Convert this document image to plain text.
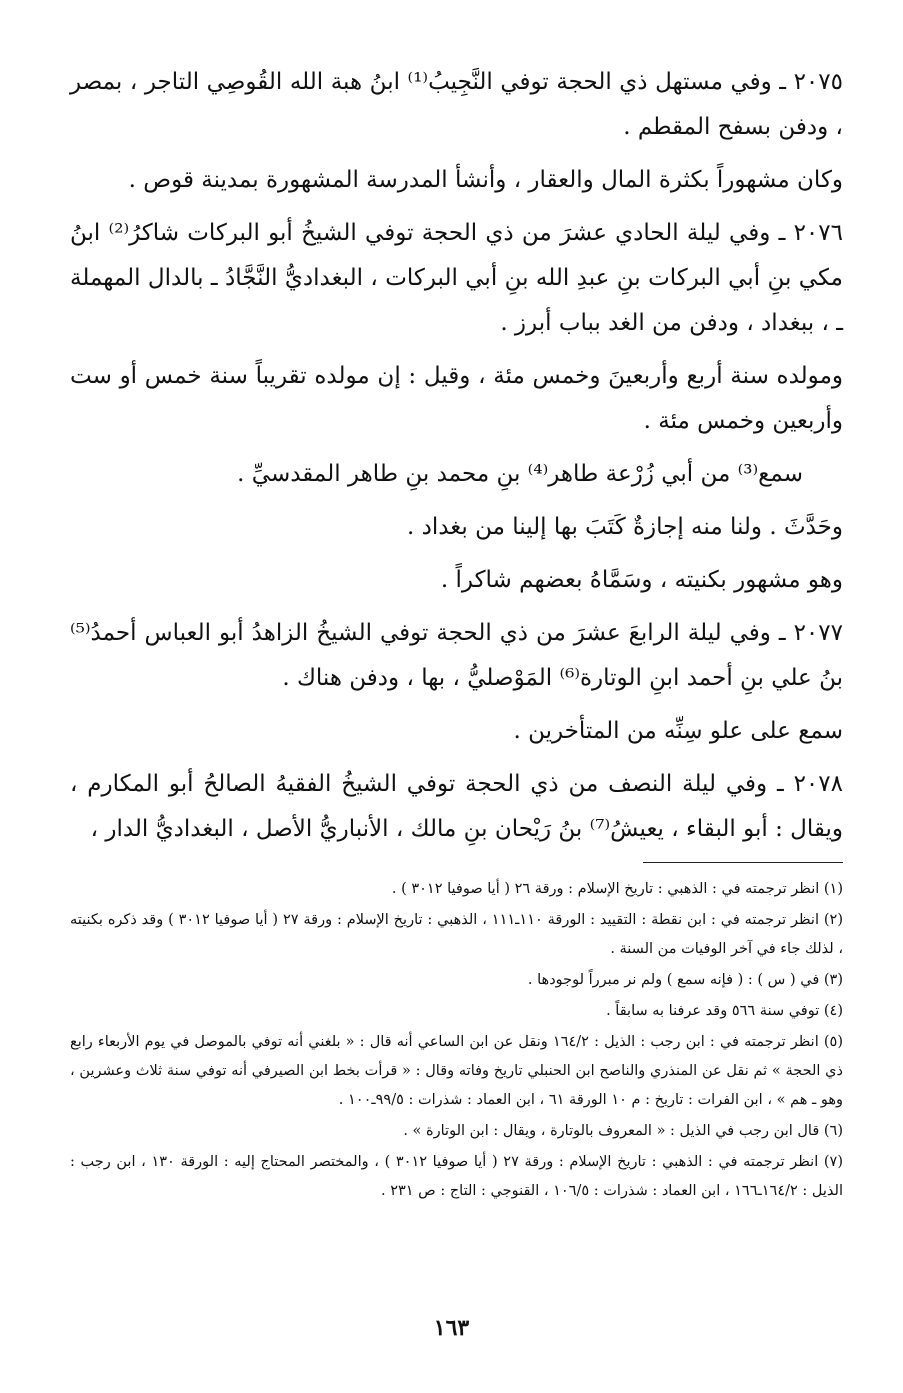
٢٠٧٥ ـ وفي مستهل ذي الحجة توفي النَّجِيبُ⁽¹⁾ ابنُ هبة الله القُوصِي التاجر ، بمصر ، ودفن بسفح المقطم .

وكان مشهوراً بكثرة المال والعقار ، وأنشأ المدرسة المشهورة بمدينة قوص .

٢٠٧٦ ـ وفي ليلة الحادي عشرَ من ذي الحجة توفي الشيخُ أبو البركات شاكرُ⁽²⁾ ابنُ مكي بنِ أبي البركات بنِ عبدِ الله بنِ أبي البركات ، البغداديُّ النَّجَّادُ ـ بالدال المهملة ـ ، ببغداد ، ودفن من الغد بباب أبرز .

ومولده سنة أربع وأربعينَ وخمس مئة ، وقيل : إن مولده تقريباً سنة خمس أو ست وأربعين وخمس مئة .

سمع⁽³⁾ من أبي زُرْعة طاهر⁽⁴⁾ بنِ محمد بنِ طاهر المقدسيِّ .

وحَدَّثَ . ولنا منه إجازةٌ كَتَبَ بها إلينا من بغداد .

وهو مشهور بكنيته ، وسَمَّاهُ بعضهم شاكراً .

٢٠٧٧ ـ وفي ليلة الرابعَ عشرَ من ذي الحجة توفي الشيخُ الزاهدُ أبو العباس أحمدُ⁽⁵⁾ بنُ علي بنِ أحمد ابنِ الوتارة⁽⁶⁾ المَوْصليُّ ، بها ، ودفن هناك .

سمع على علو سِنِّه من المتأخرين .

٢٠٧٨ ـ وفي ليلة النصف من ذي الحجة توفي الشيخُ الفقيهُ الصالحُ أبو المكارم ، ويقال : أبو البقاء ، يعيشُ⁽⁷⁾ بنُ رَيْحان بنِ مالك ، الأنباريُّ الأصل ، البغداديُّ الدار ،

(١) انظر ترجمته في : الذهبي : تاريخ الإسلام : ورقة ٢٦ ( أيا صوفيا ٣٠١٢ ) .

(٢) انظر ترجمته في : ابن نقطة : التقييد : الورقة ١١٠ـ١١١ ، الذهبي : تاريخ الإسلام : ورقة ٢٧ ( أيا صوفيا ٣٠١٢ ) وقد ذكره بكنيته ، لذلك جاء في آخر الوفيات من السنة .

(٣) في ( س ) : ( فإنه سمع ) ولم نر مبرراً لوجودها .

(٤) توفي سنة ٥٦٦ وقد عرفنا به سابقاً .

(٥) انظر ترجمته في : ابن رجب : الذيل : ١٦٤/٢ ونقل عن ابن الساعي أنه قال : « بلغني أنه توفي بالموصل في يوم الأربعاء رابع ذي الحجة » ثم نقل عن المنذري والناصح ابن الحنبلي تاريخ وفاته وقال : « قرأت بخط ابن الصيرفي أنه توفي سنة ثلاث وعشرين ، وهو ـ هم » ، ابن الفرات : تاريخ : م ١٠ الورقة ٦١ ، ابن العماد : شذرات : ٩٩/٥ـ١٠٠ .

(٦) قال ابن رجب في الذيل : « المعروف بالوتارة ، ويقال : ابن الوتارة » .

(٧) انظر ترجمته في : الذهبي : تاريخ الإسلام : ورقة ٢٧ ( أيا صوفيا ٣٠١٢ ) ، والمختصر المحتاج إليه : الورقة ١٣٠ ، ابن رجب : الذيل : ١٦٤/٢ـ١٦٦ ، ابن العماد : شذرات : ١٠٦/٥ ، القنوجي : التاج : ص ٢٣١ .

١٦٣
